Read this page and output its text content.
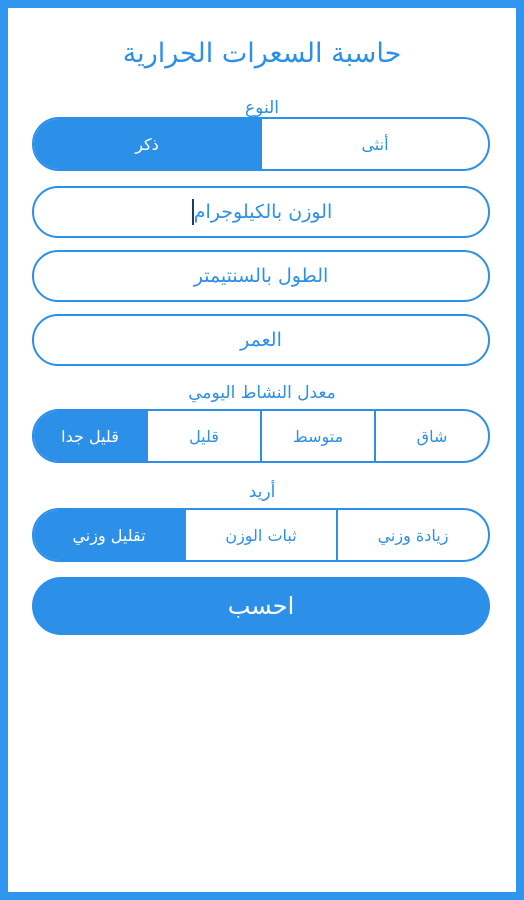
حاسبة السعرات الحرارية
النوع
أنثى
ذكر
الوزن بالكيلوجرام
الطول بالسنتيمتر
العمر
معدل النشاط اليومي
شاق
متوسط
قليل
قليل جدا
أريد
زيادة وزني
ثبات الوزن
تقليل وزني
احسب
